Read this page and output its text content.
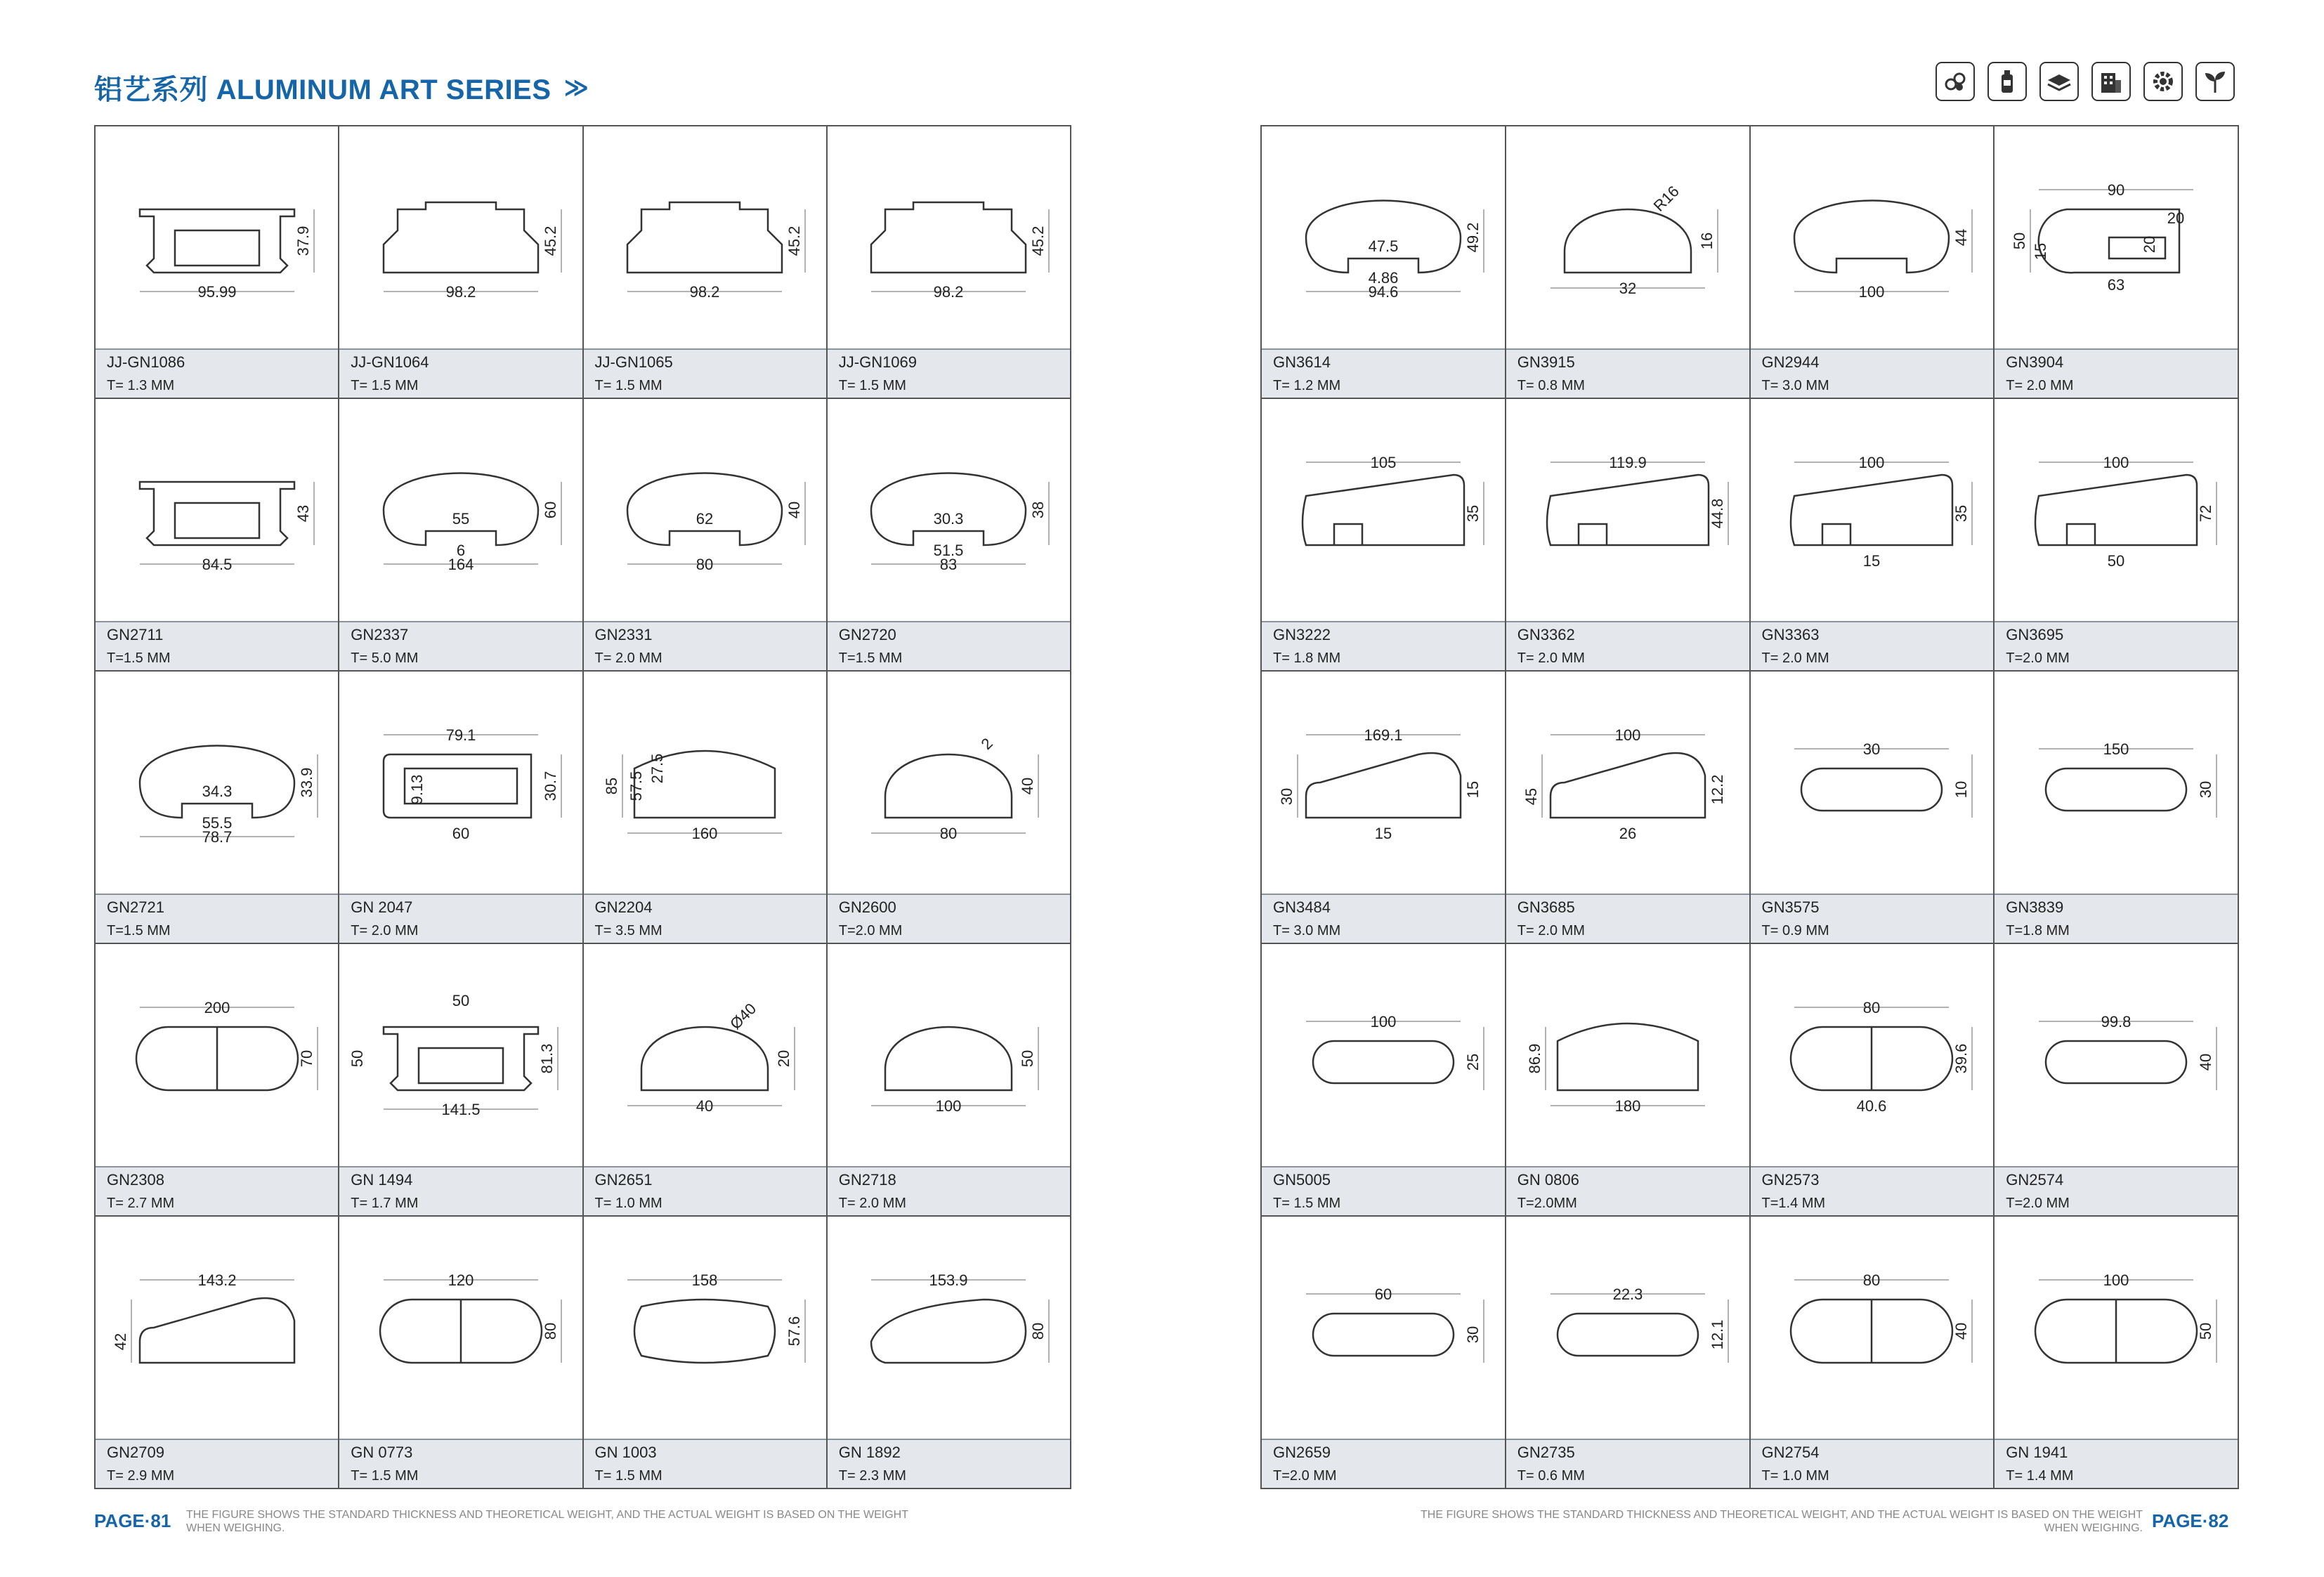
铝艺系列 ALUMINUM ART SERIES ≫
95.99
37.9
JJ-GN1086
T= 1.3 MM
98.2
45.2
JJ-GN1064
T= 1.5 MM
98.2
45.2
JJ-GN1065
T= 1.5 MM
98.2
45.2
JJ-GN1069
T= 1.5 MM
84.5
43
GN2711
T=1.5 MM
164
60
55
6
GN2337
T= 5.0 MM
80
40
62
GN2331
T= 2.0 MM
83
38
30.3
51.5
GN2720
T=1.5 MM
78.7
33.9
34.3
55.5
GN2721
T=1.5 MM
79.1
30.7
60
9.13
GN 2047
T= 2.0 MM
160
85 57.5
27.5
GN2204
T= 3.5 MM
80
40
2
GN2600
T=2.0 MM
200
70
GN2308
T= 2.7 MM
141.5
81.3
50
50
GN 1494
T= 1.7 MM
40
20
Ø40
GN2651
T= 1.0 MM
100
50
GN2718
T= 2.0 MM
143.2
42
GN2709
T= 2.9 MM
120
80
GN 0773
T= 1.5 MM
158
57.6
GN 1003
T= 1.5 MM
153.9
80
GN 1892
T= 2.3 MM
94.6
49.2
47.5
4.86
GN3614
T= 1.2 MM
32
16
R16
GN3915
T= 0.8 MM
100
44
GN2944
T= 3.0 MM
90
50	20
63
20
15
GN3904
T= 2.0 MM
105
35
GN3222
T= 1.8 MM
119.9
44.8
GN3362
T= 2.0 MM
100
35
15
GN3363
T= 2.0 MM
100
72
50
GN3695
T=2.0 MM
169.1
30
15
15
GN3484
T= 3.0 MM
100
45
26
12.2
GN3685
T= 2.0 MM
30
10
GN3575
T= 0.9 MM
150
30
GN3839
T=1.8 MM
100
25
GN5005
T= 1.5 MM
180
86.9
GN 0806
T=2.0MM
80
39.6
40.6
GN2573
T=1.4 MM
99.8
40
GN2574
T=2.0 MM
60
30
GN2659
T=2.0 MM
22.3
12.1
GN2735
T= 0.6 MM
80
40
GN2754
T= 1.0 MM
100
50
GN 1941
T= 1.4 MM
PAGE·81 THE FIGURE SHOWS THE STANDARD THICKNESS AND THEORETICAL WEIGHT, AND THE ACTUAL WEIGHT IS BASED ON THE WEIGHT WHEN WEIGHING.
THE FIGURE SHOWS THE STANDARD THICKNESS AND THEORETICAL WEIGHT, AND THE ACTUAL WEIGHT IS BASED ON THE WEIGHT WHEN WEIGHING. PAGE·82
